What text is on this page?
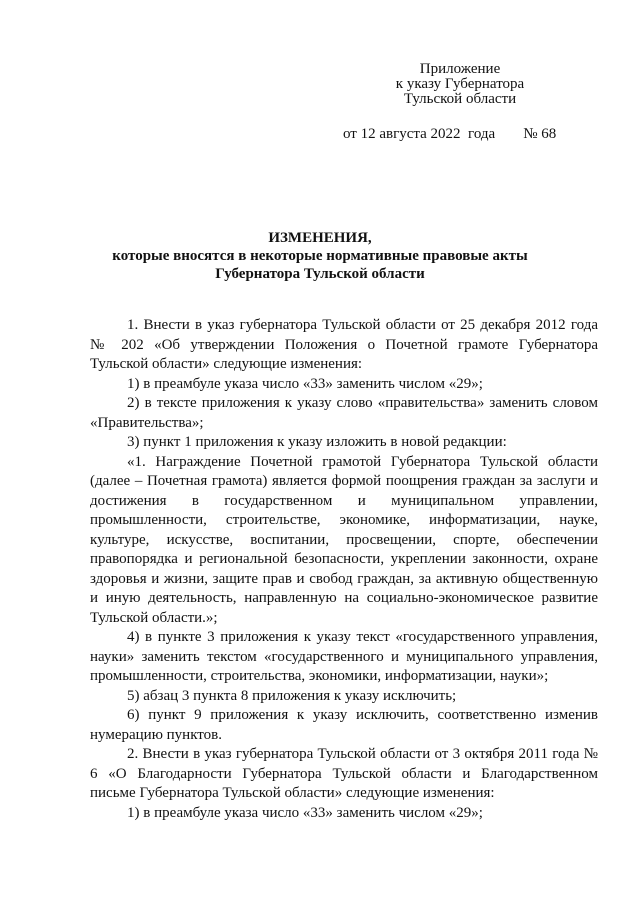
Приложение
к указу Губернатора
Тульской области
от 12 августа 2022  года № 68
ИЗМЕНЕНИЯ,
которые вносятся в некоторые нормативные правовые акты
Губернатора Тульской области

1. Внести в указ губернатора Тульской области от 25 декабря 2012 года № 202 «Об утверждении Положения о Почетной грамоте Губернатора Тульской области» следующие изменения:

1) в преамбуле указа число «33» заменить числом «29»;

2) в тексте приложения к указу слово «правительства» заменить словом «Правительства»;

3) пункт 1 приложения к указу изложить в новой редакции:

«1. Награждение Почетной грамотой Губернатора Тульской области (далее – Почетная грамота) является формой поощрения граждан за заслуги и достижения в государственном и муниципальном управлении, промышленности, строительстве, экономике, информатизации, науке, культуре, искусстве, воспитании, просвещении, спорте, обеспечении правопорядка и региональной безопасности, укреплении законности, охране здоровья и жизни, защите прав и свобод граждан, за активную общественную и иную деятельность, направленную на социально-экономическое развитие Тульской области.»;

4) в пункте 3 приложения к указу текст «государственного управления, науки» заменить текстом «государственного и муниципального управления, промышленности, строительства, экономики, информатизации, науки»;

5) абзац 3 пункта 8 приложения к указу исключить;

6) пункт 9 приложения к указу исключить, соответственно изменив нумерацию пунктов.

2. Внести в указ губернатора Тульской области от 3 октября 2011 года № 6 «О Благодарности Губернатора Тульской области и Благодарственном письме Губернатора Тульской области» следующие изменения:

1) в преамбуле указа число «33» заменить числом «29»;
